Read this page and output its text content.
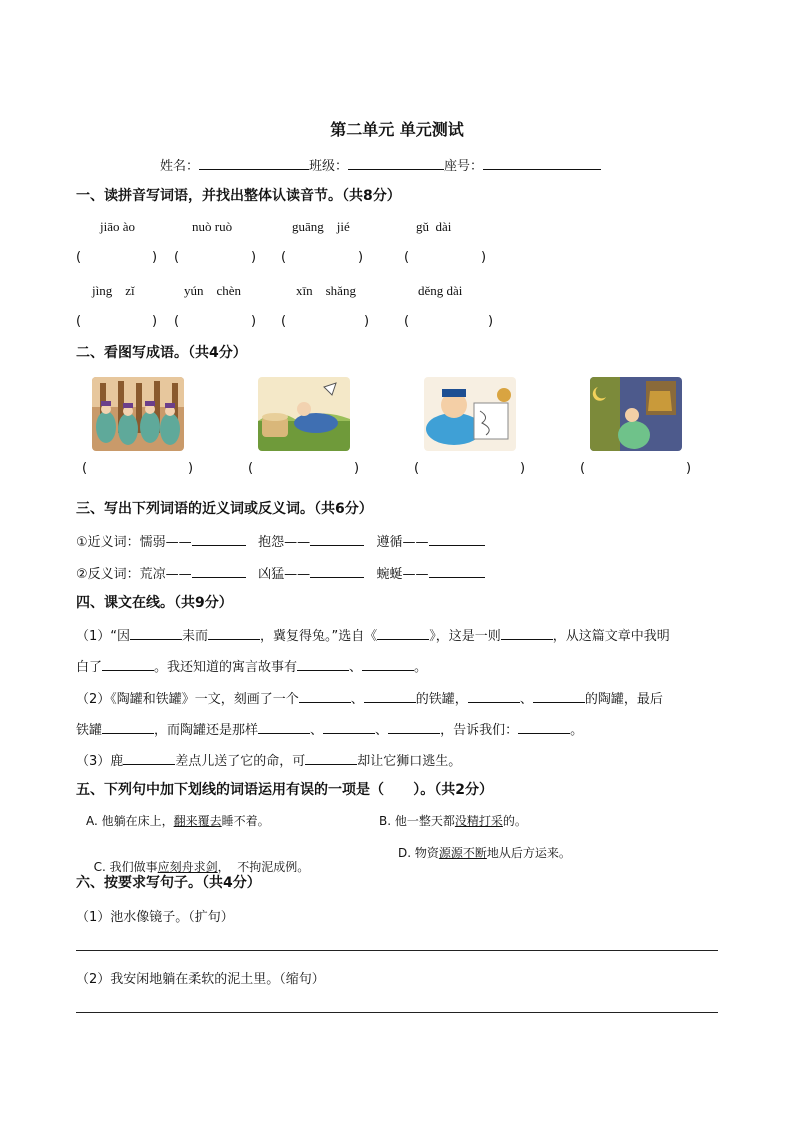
第二单元 单元测试
姓名：	班级：	座号：
一、读拼音写词语，并找出整体认读音节。（共8分）
jiāo ào	nuò ruò	guāng    jié	gǔ  dài
(	) (	) (	)	(	)
jìng    zǐ	yún    chèn	xīn    shǎng	děng dài
(	) (	) (	)	(	)
二、看图写成语。（共4分）
(	)	(	)	(	)	(	)
三、写出下列词语的近义词或反义词。（共6分）
①近义词：懦弱——	抱怨——	遵循——
②反义词：荒凉——	凶猛——	蜿蜒——
四、课文在线。（共9分）
（1）“因	耒而	，冀复得兔。”选自《	》，这是一则	，从这篇文章中我明
白了	。我还知道的寓言故事有	、	。
（2）《陶罐和铁罐》一文，刻画了一个	、	的铁罐，	、	的陶罐，最后
铁罐	，而陶罐还是那样	、	、	，告诉我们：	。
（3）鹿	差点儿送了它的命，可	却让它狮口逃生。
五、下列句中加下划线的词语运用有误的一项是（      ）。（共2分）
A. 他躺在床上，翻来覆去睡不着。	B. 他一整天都没精打采的。

C. 我们做事应刻舟求剑，  不拘泥成例。

D. 物资源源不断地从后方运来。
六、按要求写句子。（共4分）
（1）池水像镜子。（扩句）
（2）我安闲地躺在柔软的泥土里。（缩句）
